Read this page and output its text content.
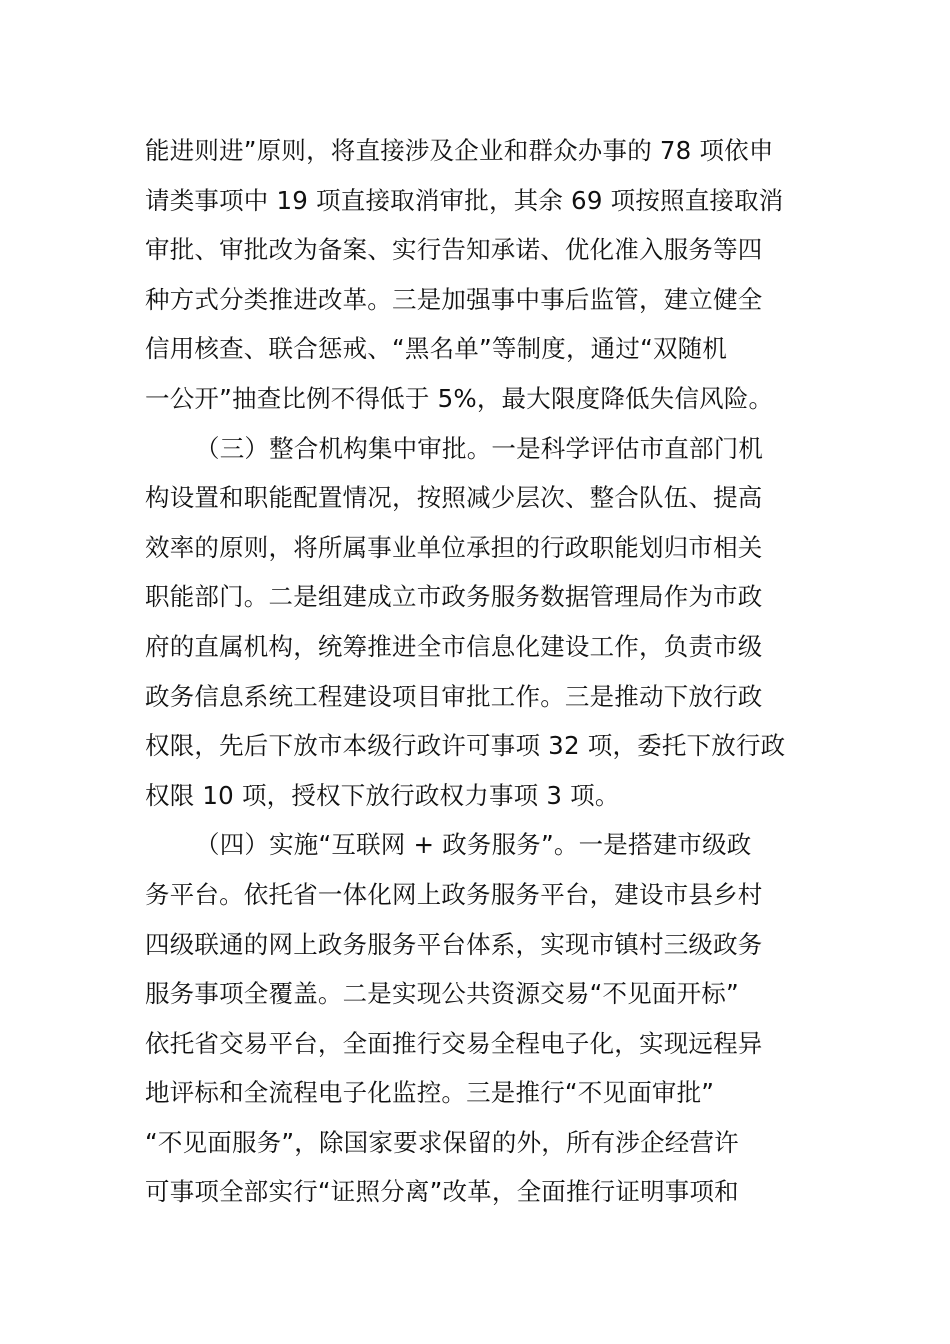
能进则进”原则，将直接涉及企业和群众办事的 78 项依申
请类事项中 19 项直接取消审批，其余 69 项按照直接取消
审批、审批改为备案、实行告知承诺、优化准入服务等四
种方式分类推进改革。三是加强事中事后监管，建立健全
信用核查、联合惩戒、“黑名单”等制度，通过“双随机
一公开”抽查比例不得低于 5%，最大限度降低失信风险。
（三）整合机构集中审批。一是科学评估市直部门机
构设置和职能配置情况，按照减少层次、整合队伍、提高
效率的原则，将所属事业单位承担的行政职能划归市相关
职能部门。二是组建成立市政务服务数据管理局作为市政
府的直属机构，统筹推进全市信息化建设工作，负责市级
政务信息系统工程建设项目审批工作。三是推动下放行政
权限，先后下放市本级行政许可事项 32 项，委托下放行政
权限 10 项，授权下放行政权力事项 3 项。
（四）实施“互联网 + 政务服务”。一是搭建市级政
务平台。依托省一体化网上政务服务平台，建设市县乡村
四级联通的网上政务服务平台体系，实现市镇村三级政务
服务事项全覆盖。二是实现公共资源交易“不见面开标”
依托省交易平台，全面推行交易全程电子化，实现远程异
地评标和全流程电子化监控。三是推行“不见面审批”
“不见面服务”，除国家要求保留的外，所有涉企经营许
可事项全部实行“证照分离”改革，全面推行证明事项和
